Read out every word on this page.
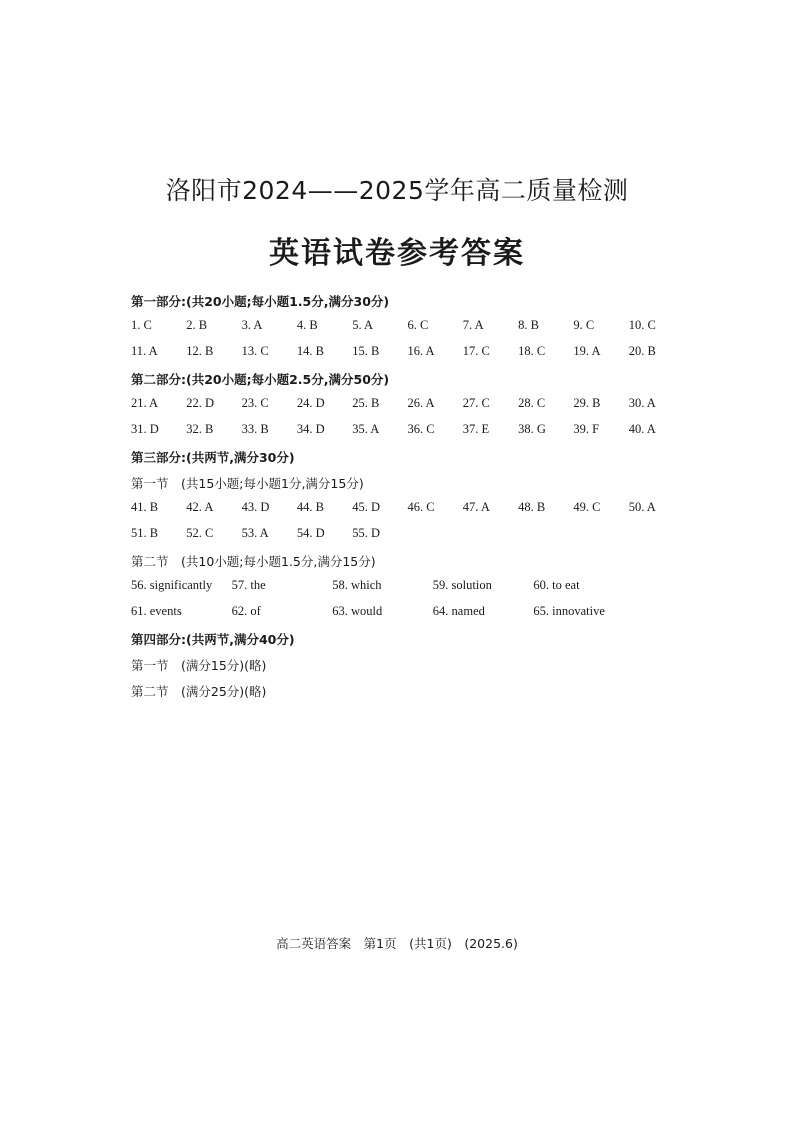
洛阳市2024——2025学年高二质量检测
英语试卷参考答案
第一部分:(共20小题;每小题1.5分,满分30分)
1. C	2. B	3. A	4. B	5. A	6. C	7. A	8. B	9. C	10. C
11. A 12. B 13. C 14. B 15. B 16. A 17. C 18. C 19. A 20. B
第二部分:(共20小题;每小题2.5分,满分50分)
21. A 22. D 23. C 24. D 25. B 26. A 27. C 28. C 29. B 30. A
31. D 32. B 33. B 34. D 35. A 36. C 37. E 38. G 39. F 40. A
第三部分:(共两节,满分30分)
第一节　(共15小题;每小题1分,满分15分)
41. B 42. A 43. D 44. B 45. D 46. C 47. A 48. B 49. C 50. A
51. B 52. C 53. A 54. D 55. D
第二节　(共10小题;每小题1.5分,满分15分)
56. significantly 57. the	58. which	59. solution	60. to eat
61. events	62. of	63. would	64. named	65. innovative
第四部分:(共两节,满分40分)
第一节　(满分15分)(略)
第二节　(满分25分)(略)
高二英语答案　第1页　(共1页)　(2025.6)
